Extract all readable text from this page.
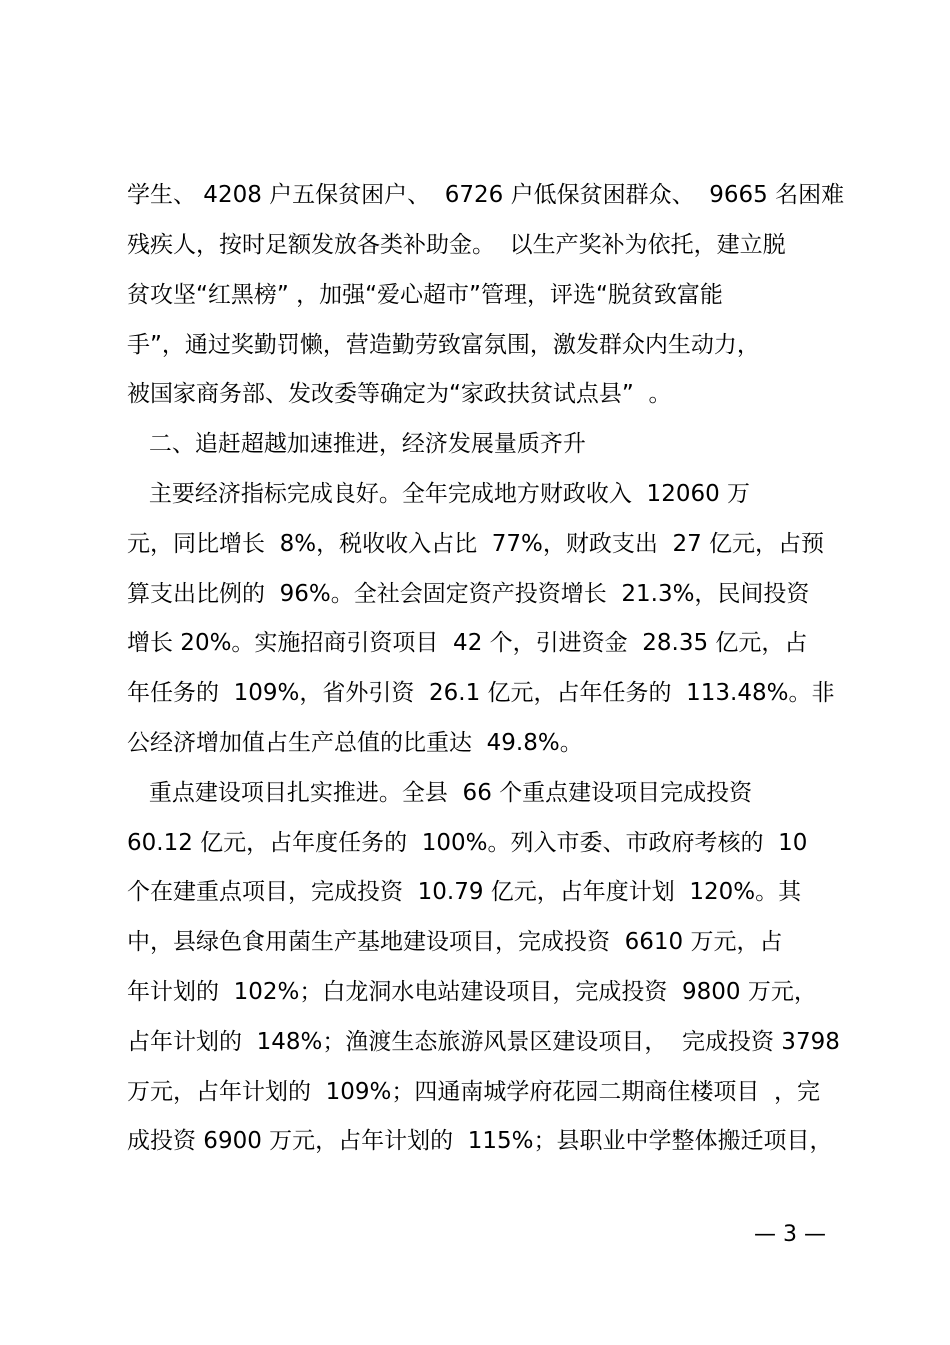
学生、 4208 户五保贫困户、  6726 户低保贫困群众、  9665 名困难

残疾人，按时足额发放各类补助金。  以生产奖补为依托，建立脱

贫攻坚“红黑榜” ，加强“爱心超市”管理，评选“脱贫致富能

手”，通过奖勤罚懒，营造勤劳致富氛围，激发群众内生动力，

被国家商务部、发改委等确定为“家政扶贫试点县”  。

二、追赶超越加速推进，经济发展量质齐升

主要经济指标完成良好。全年完成地方财政收入  12060 万

元，同比增长  8%，税收收入占比  77%，财政支出  27 亿元，占预

算支出比例的  96%。全社会固定资产投资增长  21.3%，民间投资

增长 20%。实施招商引资项目  42 个，引进资金  28.35 亿元，占

年任务的  109%，省外引资  26.1 亿元，占年任务的  113.48%。非

公经济增加值占生产总值的比重达  49.8%。

重点建设项目扎实推进。全县  66 个重点建设项目完成投资

60.12 亿元，占年度任务的  100%。列入市委、市政府考核的  10

个在建重点项目，完成投资  10.79 亿元，占年度计划  120%。其

中，县绿色食用菌生产基地建设项目，完成投资  6610 万元，占

年计划的  102%；白龙洞水电站建设项目，完成投资  9800 万元，

占年计划的  148%；渔渡生态旅游风景区建设项目，  完成投资 3798

万元，占年计划的  109%；四通南城学府花园二期商住楼项目  ，完

成投资 6900 万元，占年计划的  115%；县职业中学整体搬迁项目，

— 3 —
